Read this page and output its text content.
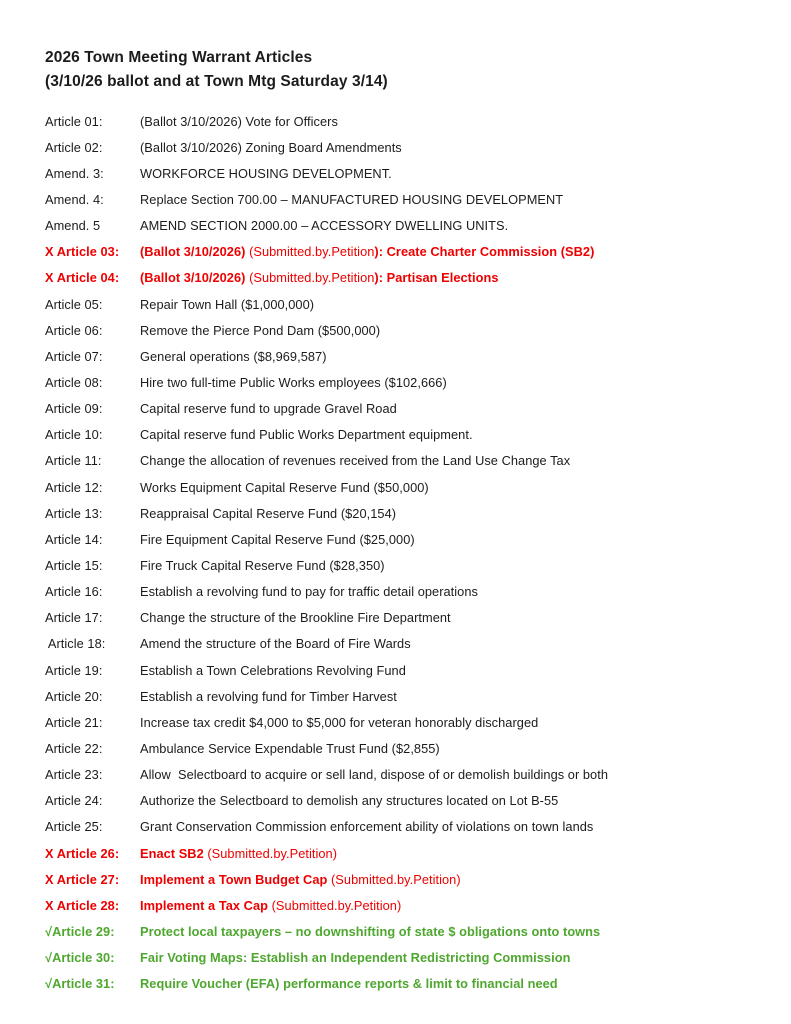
2026 Town Meeting Warrant Articles
(3/10/26 ballot and at Town Mtg Saturday 3/14)
Article 01:	(Ballot 3/10/2026) Vote for Officers
Article 02:	(Ballot 3/10/2026) Zoning Board Amendments
Amend. 3:	WORKFORCE HOUSING DEVELOPMENT.
Amend. 4:	Replace Section 700.00 – MANUFACTURED HOUSING DEVELOPMENT
Amend. 5	AMEND SECTION 2000.00 – ACCESSORY DWELLING UNITS.
X Article 03:	(Ballot 3/10/2026) (Submitted.by.Petition): Create Charter Commission (SB2)
X Article 04:	(Ballot 3/10/2026) (Submitted.by.Petition): Partisan Elections
Article 05:	Repair Town Hall ($1,000,000)
Article 06:	Remove the Pierce Pond Dam ($500,000)
Article 07:	General operations ($8,969,587)
Article 08:	Hire two full-time Public Works employees ($102,666)
Article 09:	Capital reserve fund to upgrade Gravel Road
Article 10:	Capital reserve fund Public Works Department equipment.
Article 11:	Change the allocation of revenues received from the Land Use Change Tax
Article 12:	Works Equipment Capital Reserve Fund ($50,000)
Article 13:	Reappraisal Capital Reserve Fund ($20,154)
Article 14:	Fire Equipment Capital Reserve Fund ($25,000)
Article 15:	Fire Truck Capital Reserve Fund ($28,350)
Article 16:	Establish a revolving fund to pay for traffic detail operations
Article 17:	Change the structure of the Brookline Fire Department
Article 18:	Amend the structure of the Board of Fire Wards
Article 19:	Establish a Town Celebrations Revolving Fund
Article 20:	Establish a revolving fund for Timber Harvest
Article 21:	Increase tax credit $4,000 to $5,000 for veteran honorably discharged
Article 22:	Ambulance Service Expendable Trust Fund ($2,855)
Article 23:	Allow  Selectboard to acquire or sell land, dispose of or demolish buildings or both
Article 24:	Authorize the Selectboard to demolish any structures located on Lot B-55
Article 25:	Grant Conservation Commission enforcement ability of violations on town lands
X Article 26:	Enact SB2 (Submitted.by.Petition)
X Article 27:	Implement a Town Budget Cap (Submitted.by.Petition)
X Article 28:	Implement a Tax Cap (Submitted.by.Petition)
√Article 29:	Protect local taxpayers – no downshifting of state $ obligations onto towns
√Article 30:	Fair Voting Maps: Establish an Independent Redistricting Commission
√Article 31:	Require Voucher (EFA) performance reports & limit to financial need
